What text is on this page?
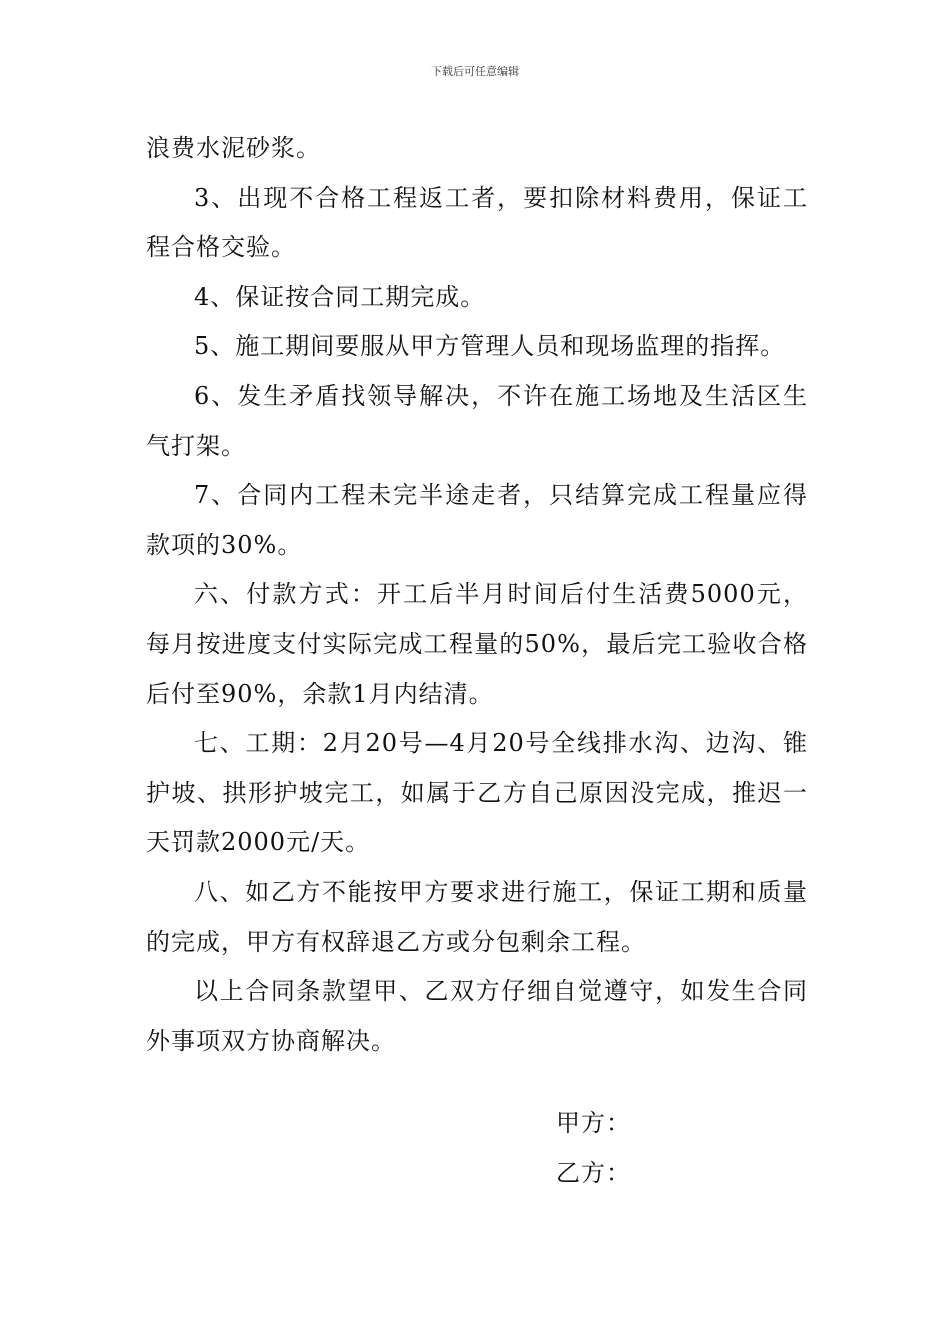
下载后可任意编辑

浪费水泥砂浆。

3、出现不合格工程返工者，要扣除材料费用，保证工程合格交验。

4、保证按合同工期完成。

5、施工期间要服从甲方管理人员和现场监理的指挥。

6、发生矛盾找领导解决，不许在施工场地及生活区生气打架。

7、合同内工程未完半途走者，只结算完成工程量应得款项的30%。

六、付款方式：开工后半月时间后付生活费5000元，每月按进度支付实际完成工程量的50%，最后完工验收合格后付至90%，余款1月内结清。

七、工期：2月20号—4月20号全线排水沟、边沟、锥护坡、拱形护坡完工，如属于乙方自己原因没完成，推迟一天罚款2000元/天。

八、如乙方不能按甲方要求进行施工，保证工期和质量的完成，甲方有权辞退乙方或分包剩余工程。

以上合同条款望甲、乙双方仔细自觉遵守，如发生合同外事项双方协商解决。

甲方：
乙方：
